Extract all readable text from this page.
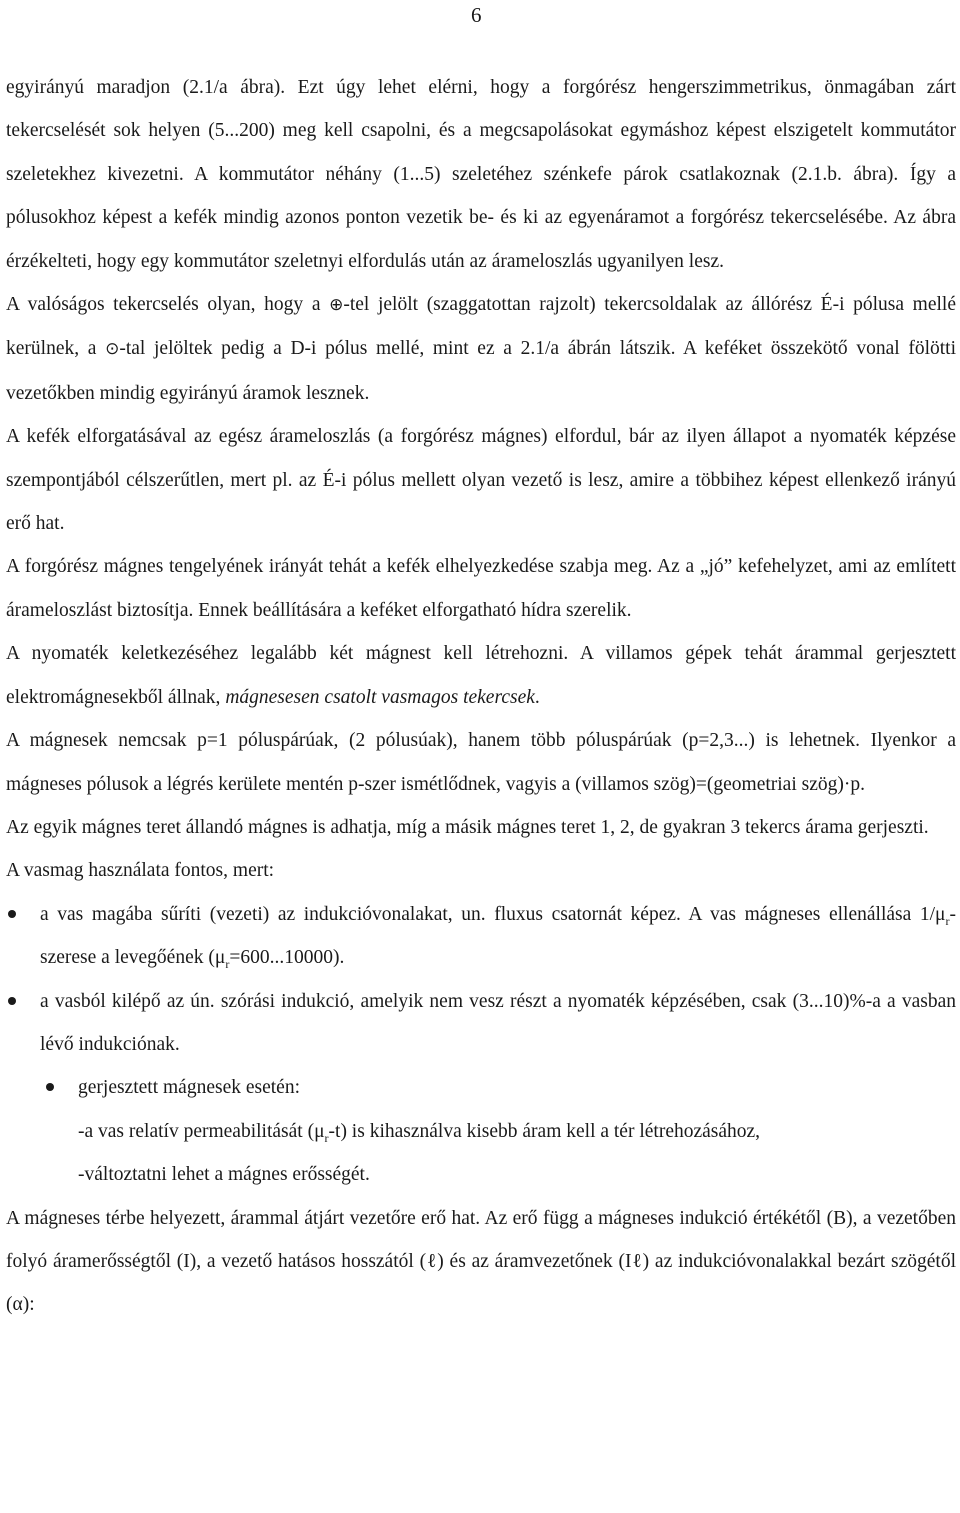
6

egyirányú maradjon (2.1/a ábra). Ezt úgy lehet elérni, hogy a forgórész hengerszimmetrikus, önmagában zárt tekercselését sok helyen (5...200) meg kell csapolni, és a megcsapolásokat egymáshoz képest elszigetelt kommutátor szeletekhez kivezetni. A kommutátor néhány (1...5) szeletéhez szénkefe párok csatlakoznak (2.1.b. ábra). Így a pólusokhoz képest a kefék mindig azonos ponton vezetik be- és ki az egyenáramot a forgórész tekercselésébe. Az ábra érzékelteti, hogy egy kommutátor szeletnyi elfordulás után az árameloszlás ugyanilyen lesz.

A valóságos tekercselés olyan, hogy a ⊕-tel jelölt (szaggatottan rajzolt) tekercsoldalak az állórész É-i pólusa mellé kerülnek, a ⊙-tal jelöltek pedig a D-i pólus mellé, mint ez a 2.1/a ábrán látszik. A keféket összekötő vonal fölötti vezetőkben mindig egyirányú áramok lesznek.

A kefék elforgatásával az egész árameloszlás (a forgórész mágnes) elfordul, bár az ilyen állapot a nyomaték képzése szempontjából célszerűtlen, mert pl. az É-i pólus mellett olyan vezető is lesz, amire a többihez képest ellenkező irányú erő hat.

A forgórész mágnes tengelyének irányát tehát a kefék elhelyezkedése szabja meg. Az a „jó” kefehelyzet, ami az említett árameloszlást biztosítja. Ennek beállítására a keféket elforgatható hídra szerelik.

A nyomaték keletkezéséhez legalább két mágnest kell létrehozni. A villamos gépek tehát árammal gerjesztett elektromágnesekből állnak, mágnesesen csatolt vasmagos tekercsek.

A mágnesek nemcsak p=1 póluspárúak, (2 pólusúak), hanem több póluspárúak (p=2,3...) is lehetnek. Ilyenkor a mágneses pólusok a légrés kerülete mentén p-szer ismétlődnek, vagyis a (villamos szög)=(geometriai szög)·p.

Az egyik mágnes teret állandó mágnes is adhatja, míg a másik mágnes teret 1, 2, de gyakran 3 tekercs árama gerjeszti.

A vasmag használata fontos, mert:

a vas magába sűríti (vezeti) az indukcióvonalakat, un. fluxus csatornát képez. A vas mágneses ellenállása $1/\mu_r$-szerese a levegőének $(\mu_r=600...10000)$.
a vasból kilépő az ún. szórási indukció, amelyik nem vesz részt a nyomaték képzésében, csak (3...10)%-a a vasban lévő indukciónak.
gerjesztett mágnesek esetén:
-a vas relatív permeabilitását $(\mu_r-t)$ is kihasználva kisebb áram kell a tér létrehozásához,
-változtatni lehet a mágnes erősségét.

A mágneses térbe helyezett, árammal átjárt vezetőre erő hat. Az erő függ a mágneses indukció értékétől (B), a vezetőben folyó áramerősségtől (I), a vezető hatásos hosszától (ℓ) és az áramvezetőnek (Iℓ) az indukcióvonalakkal bezárt szögétől (α):
